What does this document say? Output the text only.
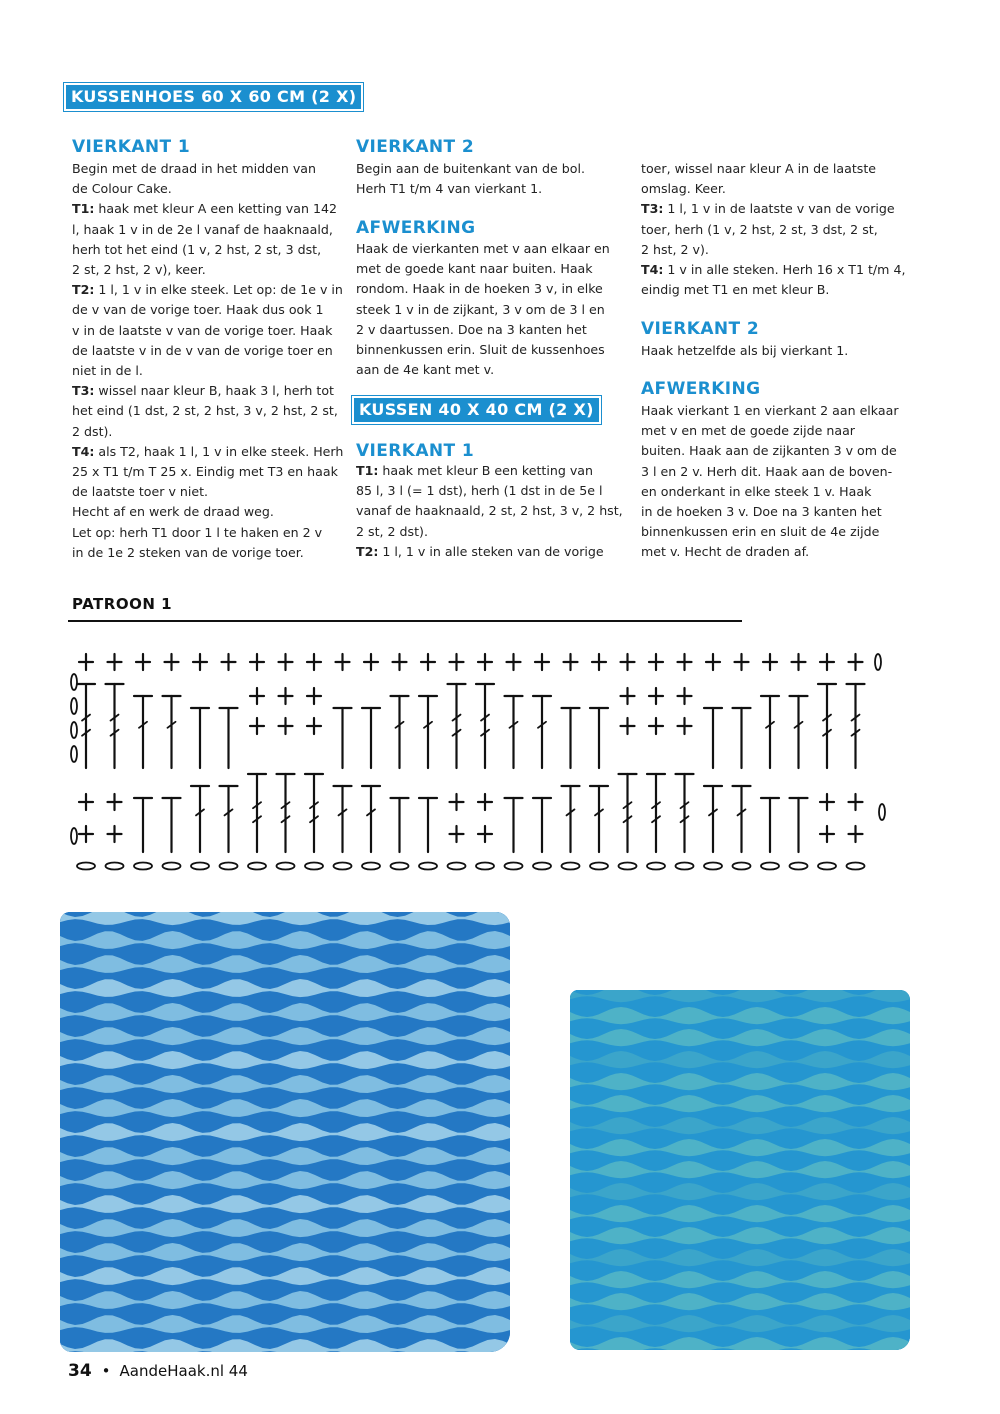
KUSSENHOES 60 X 60 CM (2 X)
VIERKANT 1
Begin met de draad in het midden van
de Colour Cake.
T1: haak met kleur A een ketting van 142
l, haak 1 v in de 2e l vanaf de haaknaald,
herh tot het eind (1 v, 2 hst, 2 st, 3 dst,
2 st, 2 hst, 2 v), keer.
T2: 1 l, 1 v in elke steek. Let op: de 1e v in
de v van de vorige toer. Haak dus ook 1
v in de laatste v van de vorige toer. Haak
de laatste v in de v van de vorige toer en
niet in de l.
T3: wissel naar kleur B, haak 3 l, herh tot
het eind (1 dst, 2 st, 2 hst, 3 v, 2 hst, 2 st,
2 dst).
T4: als T2, haak 1 l, 1 v in elke steek. Herh
25 x T1 t/m T 25 x. Eindig met T3 en haak
de laatste toer v niet.
Hecht af en werk de draad weg.
Let op: herh T1 door 1 l te haken en 2 v
in de 1e 2 steken van de vorige toer.
VIERKANT 2
Begin aan de buitenkant van de bol.
Herh T1 t/m 4 van vierkant 1.
AFWERKING
Haak de vierkanten met v aan elkaar en
met de goede kant naar buiten. Haak
rondom. Haak in de hoeken 3 v, in elke
steek 1 v in de zijkant, 3 v om de 3 l en
2 v daartussen. Doe na 3 kanten het
binnenkussen erin. Sluit de kussenhoes
aan de 4e kant met v.
KUSSEN 40 X 40 CM (2 X)
VIERKANT 1
T1: haak met kleur B een ketting van
85 l, 3 l (= 1 dst), herh (1 dst in de 5e l
vanaf de haaknaald, 2 st, 2 hst, 3 v, 2 hst,
2 st, 2 dst).
T2: 1 l, 1 v in alle steken van de vorige
toer, wissel naar kleur A in de laatste
omslag. Keer.
T3: 1 l, 1 v in de laatste v van de vorige
toer, herh (1 v, 2 hst, 2 st, 3 dst, 2 st,
2 hst, 2 v).
T4: 1 v in alle steken. Herh 16 x T1 t/m 4,
eindig met T1 en met kleur B.
VIERKANT 2
Haak hetzelfde als bij vierkant 1.
AFWERKING
Haak vierkant 1 en vierkant 2 aan elkaar
met v en met de goede zijde naar
buiten. Haak aan de zijkanten 3 v om de
3 l en 2 v. Herh dit. Haak aan de boven-
en onderkant in elke steek 1 v. Haak
in de hoeken 3 v. Doe na 3 kanten het
binnenkussen erin en sluit de 4e zijde
met v. Hecht de draden af.
PATROON 1
34 • AandeHaak.nl 44
